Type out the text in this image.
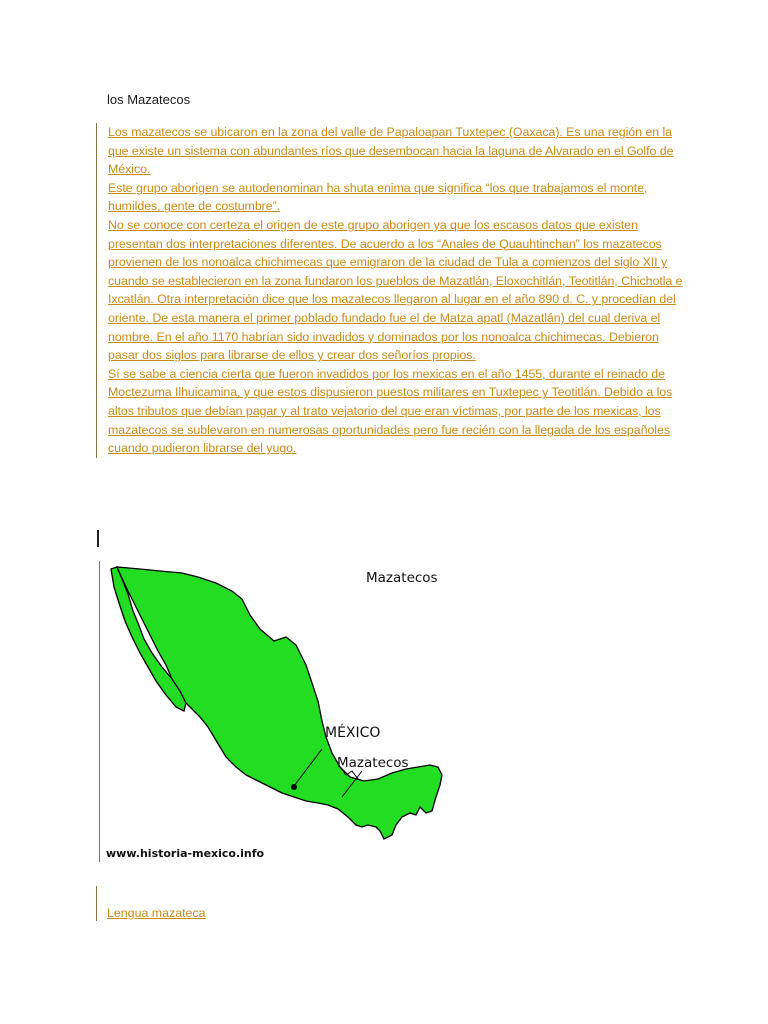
los Mazatecos

Los mazatecos se ubicaron en la zona del valle de Papaloapan Tuxtepec (Oaxaca). Es una región en la que existe un sistema con abundantes ríos que desembocan hacia la laguna de Alvarado en el Golfo de México.

Este grupo aborigen se autodenominan ha shuta enima que significa “los que trabajamos el monte, humildes, gente de costumbre”.

No se conoce con certeza el origen de este grupo aborigen ya que los escasos datos que existen presentan dos interpretaciones diferentes. De acuerdo a los “Anales de Quauhtinchan” los mazatecos provienen de los nonoalca chichimecas que emigraron de la ciudad de Tula a comienzos del siglo XII y cuando se establecieron en la zona fundaron los pueblos de Mazatlán, Eloxochitlán, Teotitlán, Chichotla e Ixcatlán. Otra interpretación dice que los mazatecos llegaron al lugar en el año 890 d. C. y procedían del oriente. De esta manera el primer poblado fundado fue el de Matza apatl (Mazatlán) del cual deriva el nombre. En el año 1170 habrían sido invadidos y dominados por los nonoalca chichimecas. Debieron pasar dos siglos para librarse de ellos y crear dos señoríos propios.

Sí se sabe a ciencia cierta que fueron invadidos por los mexicas en el año 1455, durante el reinado de Moctezuma Ilhuicamina, y que estos dispusieron puestos militares en Tuxtepec y Teotitlán. Debido a los altos tributos que debían pagar y al trato vejatorio del que eran víctimas, por parte de los mexicas, los mazatecos se sublevaron en numerosas oportunidades pero fue recién con la llegada de los españoles cuando pudieron librarse del yugo.

Mazatecos
MÉXICO
Mazatecos
www.historia-mexico.info
Lengua mazateca
